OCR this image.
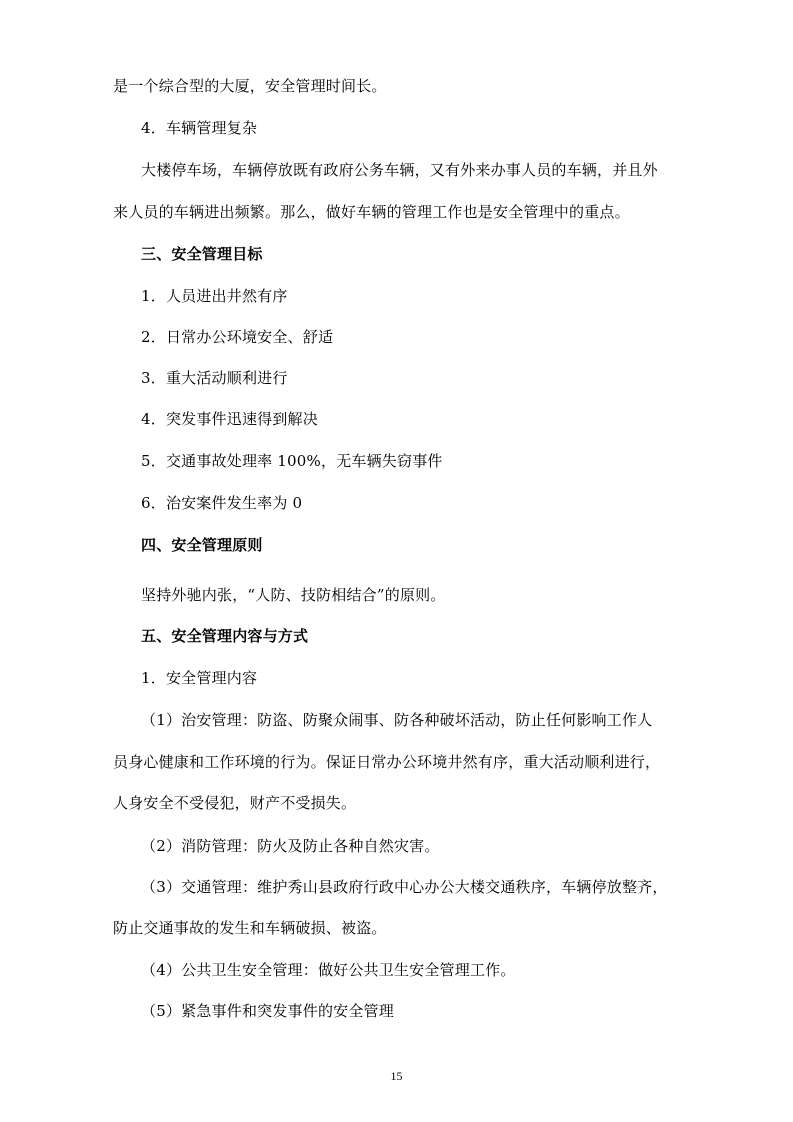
是一个综合型的大厦，安全管理时间长。
4．车辆管理复杂
大楼停车场，车辆停放既有政府公务车辆，又有外来办事人员的车辆，并且外
来人员的车辆进出频繁。那么，做好车辆的管理工作也是安全管理中的重点。
三、安全管理目标
1．人员进出井然有序
2．日常办公环境安全、舒适
3．重大活动顺利进行
4．突发事件迅速得到解决
5．交通事故处理率 100%，无车辆失窃事件
6．治安案件发生率为 0
四、安全管理原则
坚持外驰内张，“人防、技防相结合”的原则。
五、安全管理内容与方式
1．安全管理内容
（1）治安管理：防盗、防聚众闹事、防各种破坏活动，防止任何影响工作人
员身心健康和工作环境的行为。保证日常办公环境井然有序，重大活动顺利进行，
人身安全不受侵犯，财产不受损失。
（2）消防管理：防火及防止各种自然灾害。
（3）交通管理：维护秀山县政府行政中心办公大楼交通秩序，车辆停放整齐，
防止交通事故的发生和车辆破损、被盗。
（4）公共卫生安全管理：做好公共卫生安全管理工作。
（5）紧急事件和突发事件的安全管理
15
